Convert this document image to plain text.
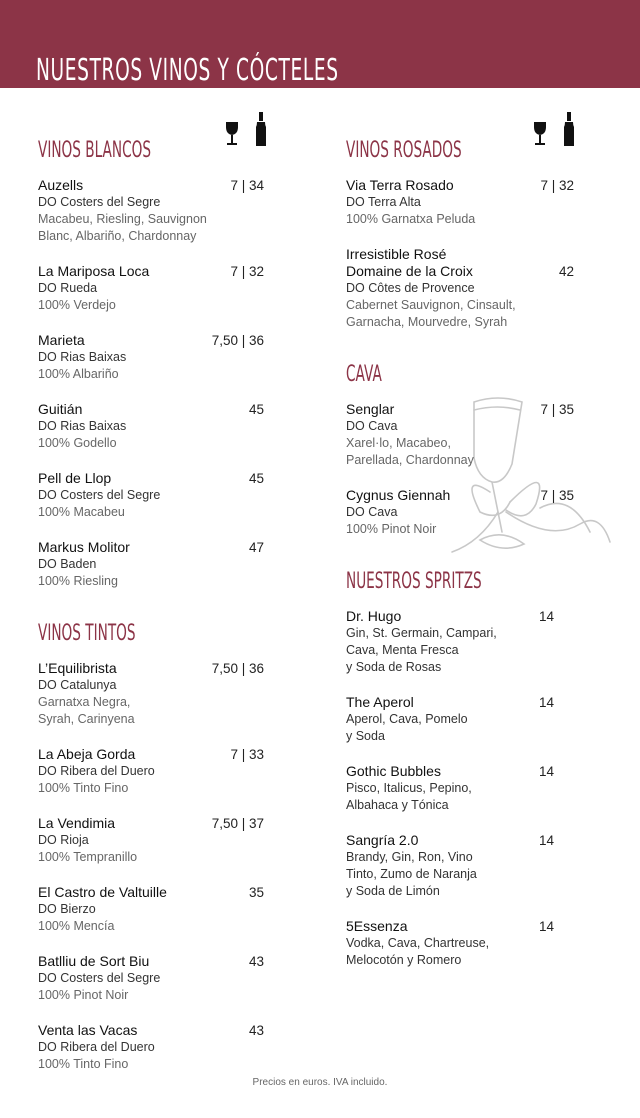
NUESTROS VINOS Y CÓCTELES
VINOS BLANCOS
Auzells	7 | 34
DO Costers del Segre
Macabeu, Riesling, Sauvignon
Blanc, Albariño, Chardonnay
La Mariposa Loca	7 | 32
DO Rueda
100% Verdejo
Marieta	7,50 | 36
DO Rias Baixas
100% Albariño
Guitián	45
DO Rias Baixas
100% Godello
Pell de Llop	45
DO Costers del Segre
100% Macabeu
Markus Molitor	47
DO Baden
100% Riesling
VINOS TINTOS
L’Equilibrista	7,50 | 36
DO Catalunya
Garnatxa Negra,
Syrah, Carinyena
La Abeja Gorda	7 | 33
DO Ribera del Duero
100% Tinto Fino
La Vendimia	7,50 | 37
DO Rioja
100% Tempranillo
El Castro de Valtuille	35
DO Bierzo
100% Mencía
Batlliu de Sort Biu	43
DO Costers del Segre
100% Pinot Noir
Venta las Vacas	43
DO Ribera del Duero
100% Tinto Fino
VINOS ROSADOS
Via Terra Rosado	7 | 32
DO Terra Alta
100% Garnatxa Peluda
Irresistible Rosé
Domaine de la Croix	42
DO Côtes de Provence
Cabernet Sauvignon, Cinsault,
Garnacha, Mourvedre, Syrah
CAVA
Senglar	7 | 35
DO Cava
Xarel·lo, Macabeo,
Parellada, Chardonnay
Cygnus Giennah	7 | 35
DO Cava
100% Pinot Noir
NUESTROS SPRITZS
Dr. Hugo	14
Gin, St. Germain, Campari,
Cava, Menta Fresca
y Soda de Rosas
The Aperol	14
Aperol, Cava, Pomelo
y Soda
Gothic Bubbles	14
Pisco, Italicus, Pepino,
Albahaca y Tónica
Sangría 2.0	14
Brandy, Gin, Ron, Vino
Tinto, Zumo de Naranja
y Soda de Limón
5Essenza	14
Vodka, Cava, Chartreuse,
Melocotón y Romero
Precios en euros. IVA incluido.
